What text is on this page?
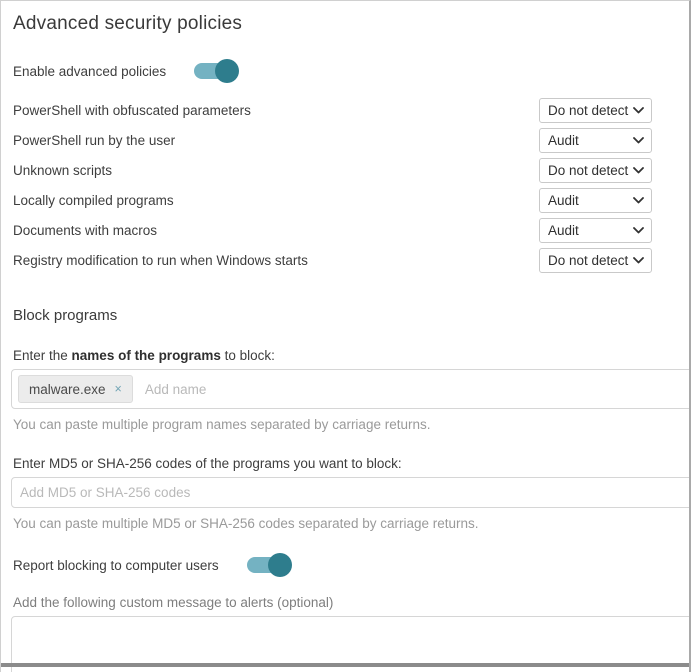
Advanced security policies
Enable advanced policies
PowerShell with obfuscated parameters	Do not detect
PowerShell run by the user	Audit
Unknown scripts	Do not detect
Locally compiled programs	Audit
Documents with macros	Audit
Registry modification to run when Windows starts	Do not detect
Block programs
Enter the names of the programs to block:
malware.exe ×
Add name
You can paste multiple program names separated by carriage returns.
Enter MD5 or SHA-256 codes of the programs you want to block:
Add MD5 or SHA-256 codes
You can paste multiple MD5 or SHA-256 codes separated by carriage returns.
Report blocking to computer users
Add the following custom message to alerts (optional)
